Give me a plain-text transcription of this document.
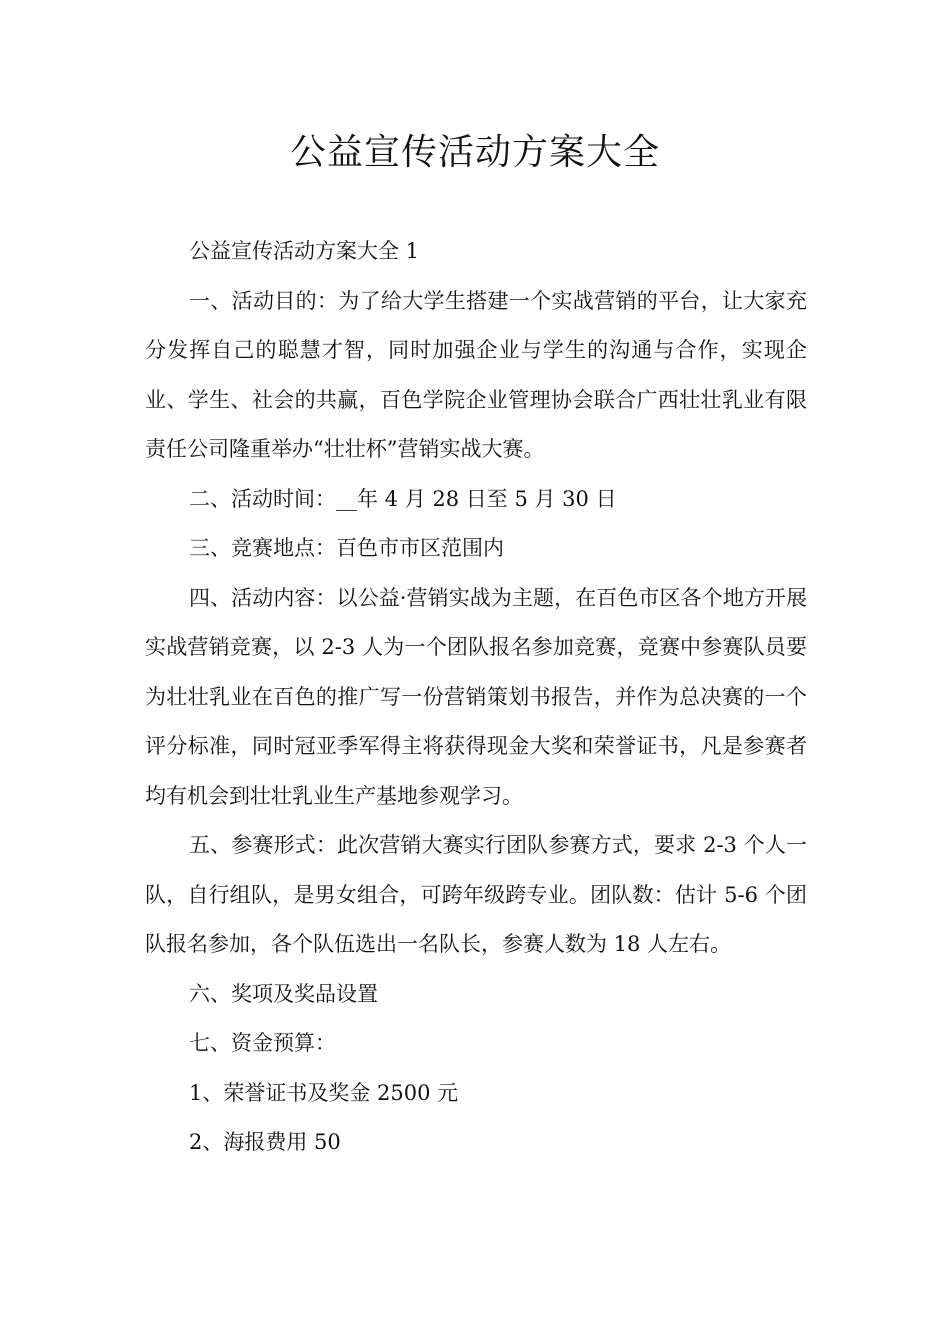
公益宣传活动方案大全

公益宣传活动方案大全 1

一、活动目的：为了给大学生搭建一个实战营销的平台，让大家充分发挥自己的聪慧才智，同时加强企业与学生的沟通与合作，实现企业、学生、社会的共赢，百色学院企业管理协会联合广西壮壮乳业有限责任公司隆重举办“壮壮杯”营销实战大赛。

二、活动时间：__年 4 月 28 日至 5 月 30 日

三、竞赛地点：百色市市区范围内

四、活动内容：以公益·营销实战为主题，在百色市区各个地方开展实战营销竞赛，以 2-3 人为一个团队报名参加竞赛，竞赛中参赛队员要为壮壮乳业在百色的推广写一份营销策划书报告，并作为总决赛的一个评分标准，同时冠亚季军得主将获得现金大奖和荣誉证书，凡是参赛者均有机会到壮壮乳业生产基地参观学习。

五、参赛形式：此次营销大赛实行团队参赛方式，要求 2-3 个人一队，自行组队，是男女组合，可跨年级跨专业。团队数：估计 5-6 个团队报名参加，各个队伍选出一名队长，参赛人数为 18 人左右。

六、奖项及奖品设置

七、资金预算：

1、荣誉证书及奖金 2500 元

2、海报费用 50
